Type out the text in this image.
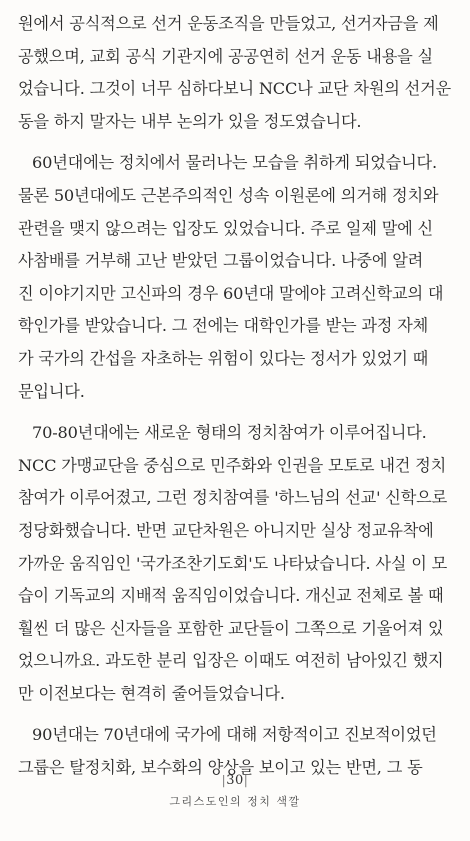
원에서 공식적으로 선거 운동조직을 만들었고, 선거자금을 제
공했으며, 교회 공식 기관지에 공공연히 선거 운동 내용을 실
었습니다. 그것이 너무 심하다보니 NCC나 교단 차원의 선거운
동을 하지 말자는 내부 논의가 있을 정도였습니다.
60년대에는 정치에서 물러나는 모습을 취하게 되었습니다.
물론 50년대에도 근본주의적인 성속 이원론에 의거해 정치와
관련을 맺지 않으려는 입장도 있었습니다. 주로 일제 말에 신
사참배를 거부해 고난 받았던 그룹이었습니다. 나중에 알려
진 이야기지만 고신파의 경우 60년대 말에야 고려신학교의 대
학인가를 받았습니다. 그 전에는 대학인가를 받는 과정 자체
가 국가의 간섭을 자초하는 위험이 있다는 정서가 있었기 때
문입니다.
70-80년대에는 새로운 형태의 정치참여가 이루어집니다.
NCC 가맹교단을 중심으로 민주화와 인권을 모토로 내건 정치
참여가 이루어졌고, 그런 정치참여를 '하느님의 선교' 신학으로
정당화했습니다. 반면 교단차원은 아니지만 실상 정교유착에
가까운 움직임인 '국가조찬기도회'도 나타났습니다. 사실 이 모
습이 기독교의 지배적 움직임이었습니다. 개신교 전체로 볼 때
훨씬 더 많은 신자들을 포함한 교단들이 그쪽으로 기울어져 있
었으니까요. 과도한 분리 입장은 이때도 여전히 남아있긴 했지
만 이전보다는 현격히 줄어들었습니다.
90년대는 70년대에 국가에 대해 저항적이고 진보적이었던
그룹은 탈정치화, 보수화의 양상을 보이고 있는 반면, 그 동
|30|
그리스도인의 정치 색깔
